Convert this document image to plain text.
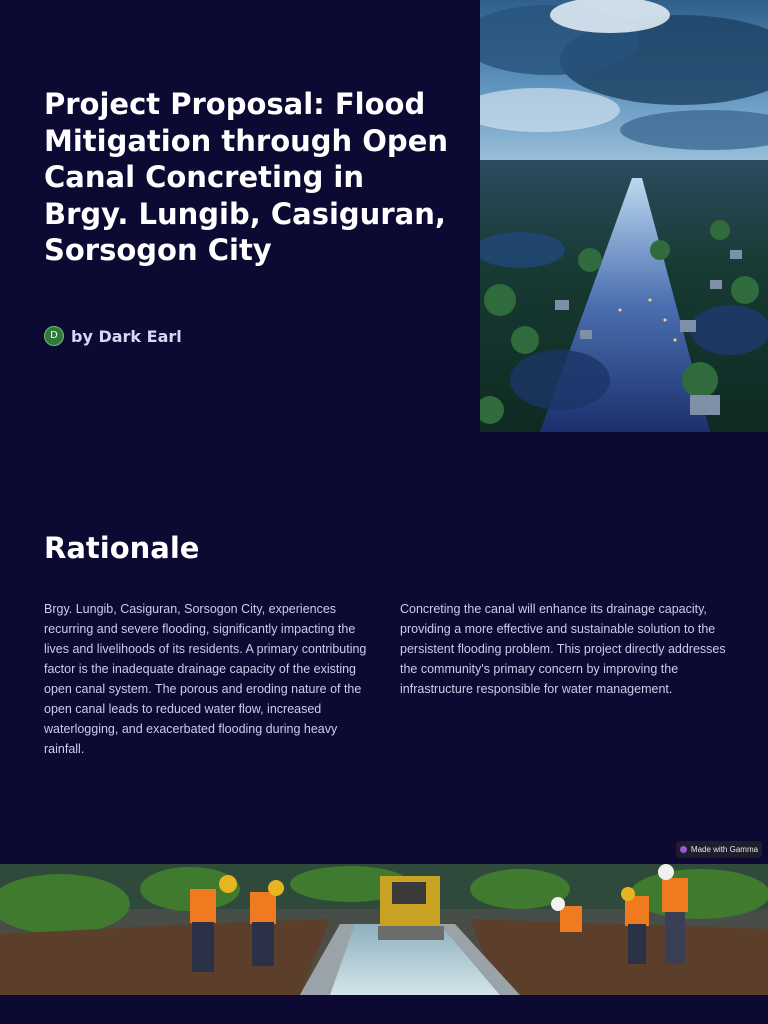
Project Proposal: Flood Mitigation through Open Canal Concreting in Brgy. Lungib, Casiguran, Sorsogon City
D by Dark Earl
Rationale

Brgy. Lungib, Casiguran, Sorsogon City, experiences recurring and severe flooding, significantly impacting the lives and livelihoods of its residents. A primary contributing factor is the inadequate drainage capacity of the existing open canal system. The porous and eroding nature of the open canal leads to reduced water flow, increased waterlogging, and exacerbated flooding during heavy rainfall.

Concreting the canal will enhance its drainage capacity, providing a more effective and sustainable solution to the persistent flooding problem. This project directly addresses the community's primary concern by improving the infrastructure responsible for water management.

Made with Gamma
